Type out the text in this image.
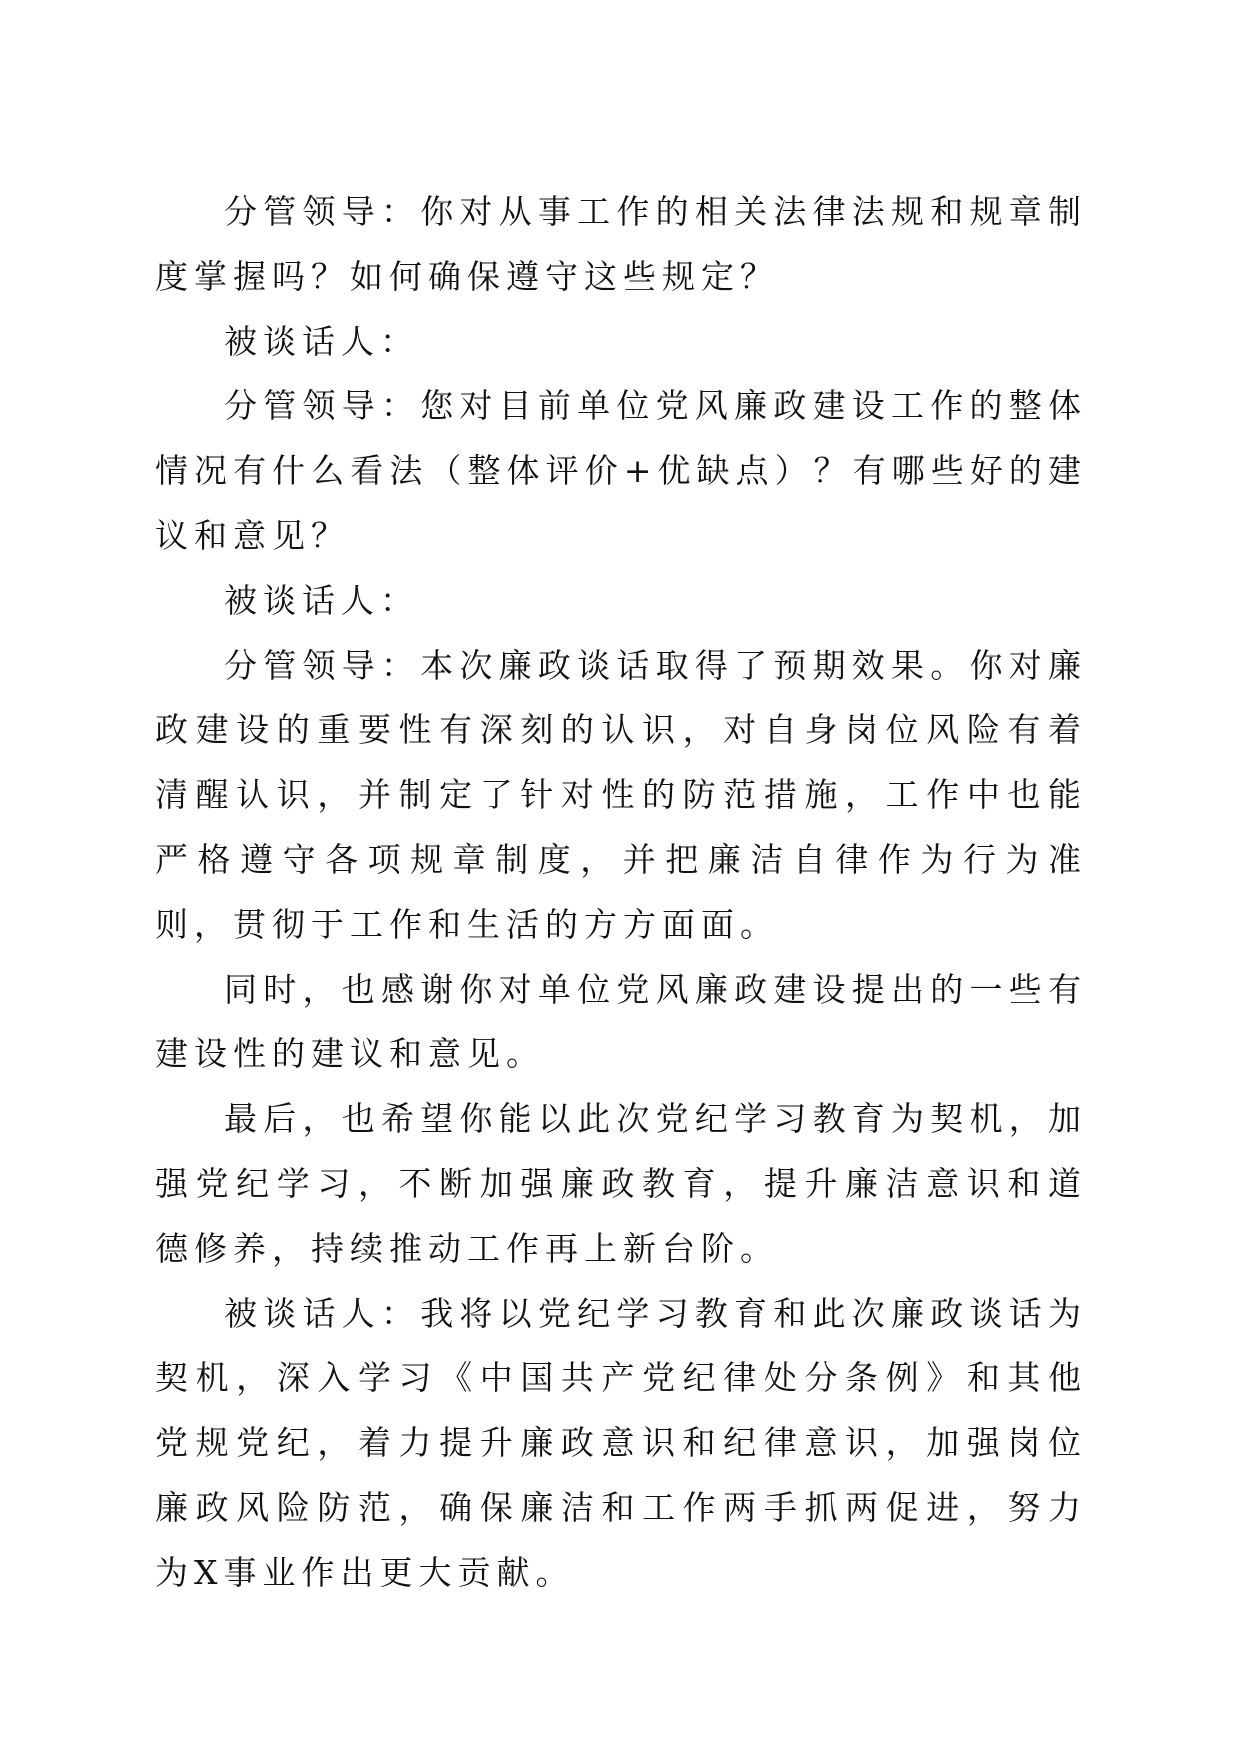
分管领导：你对从事工作的相关法律法规和规章制度掌握吗？如何确保遵守这些规定？

被谈话人：

分管领导：您对目前单位党风廉政建设工作的整体情况有什么看法（整体评价+优缺点）？有哪些好的建议和意见？

被谈话人：

分管领导：本次廉政谈话取得了预期效果。你对廉政建设的重要性有深刻的认识，对自身岗位风险有着清醒认识，并制定了针对性的防范措施，工作中也能严格遵守各项规章制度，并把廉洁自律作为行为准则，贯彻于工作和生活的方方面面。

同时，也感谢你对单位党风廉政建设提出的一些有建设性的建议和意见。

最后，也希望你能以此次党纪学习教育为契机，加强党纪学习，不断加强廉政教育，提升廉洁意识和道德修养，持续推动工作再上新台阶。

被谈话人：我将以党纪学习教育和此次廉政谈话为契机，深入学习《中国共产党纪律处分条例》和其他党规党纪，着力提升廉政意识和纪律意识，加强岗位廉政风险防范，确保廉洁和工作两手抓两促进，努力为X事业作出更大贡献。
